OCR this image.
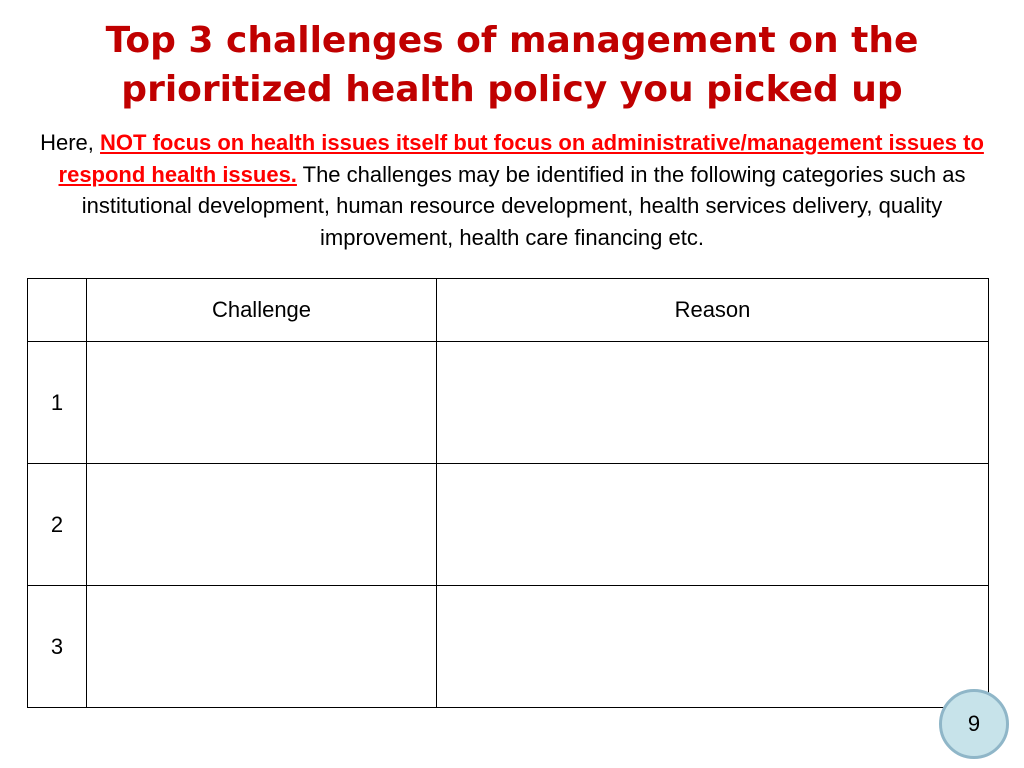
Top 3 challenges of management on the
prioritized health policy you picked up

Here, NOT focus on health issues itself but focus on administrative/management issues to respond health issues. The challenges may be identified in the following categories such as institutional development, human resource development, health services delivery, quality improvement, health care financing etc.

	Challenge	Reason
1		
2		
3		
9
